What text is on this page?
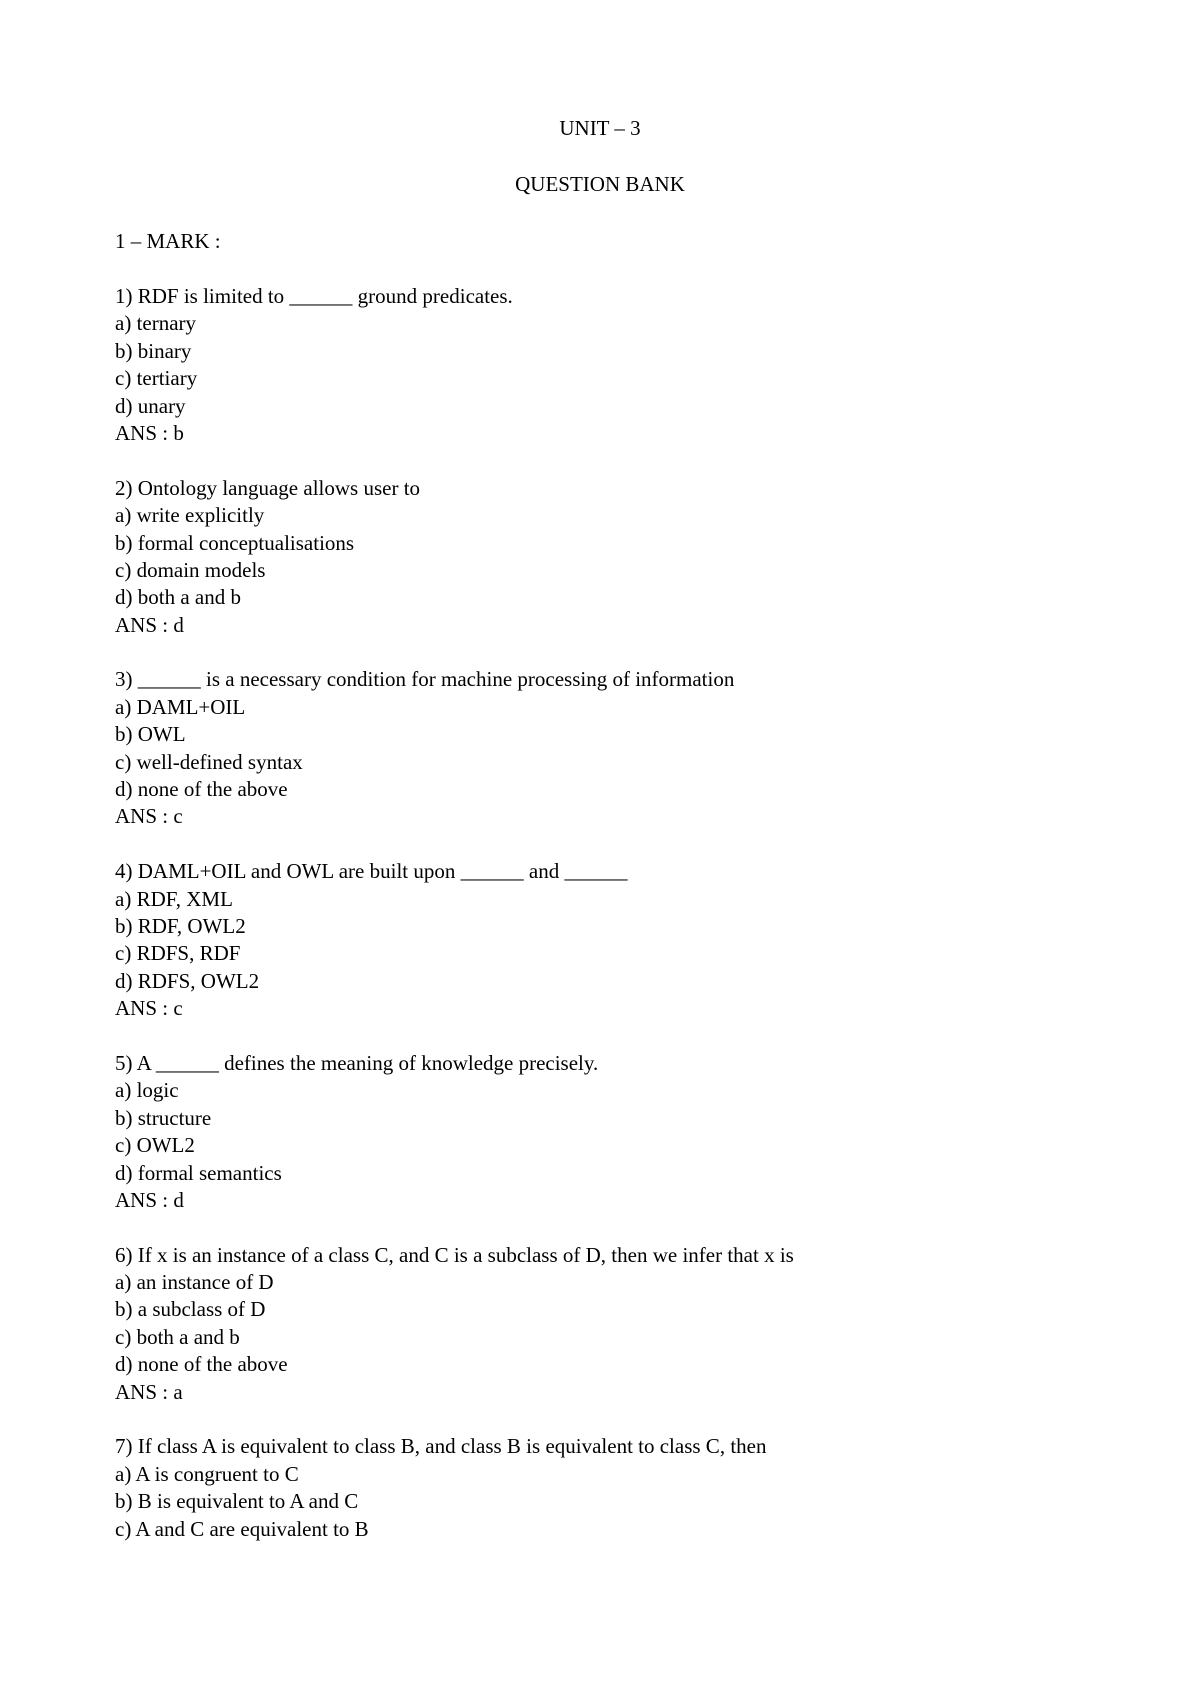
UNIT – 3
QUESTION BANK
1 – MARK :
1) RDF is limited to ______ ground predicates.
a) ternary
b) binary
c) tertiary
d) unary
ANS : b
2) Ontology language allows user to
a) write explicitly
b) formal conceptualisations
c) domain models
d) both a and b
ANS : d
3) ______ is a necessary condition for machine processing of information
a) DAML+OIL
b) OWL
c) well-defined syntax
d) none of the above
ANS : c
4) DAML+OIL and OWL are built upon ______ and ______
a) RDF, XML
b) RDF, OWL2
c) RDFS, RDF
d) RDFS, OWL2
ANS : c
5) A ______ defines the meaning of knowledge precisely.
a) logic
b) structure
c) OWL2
d) formal semantics
ANS : d
6) If x is an instance of a class C, and C is a subclass of D, then we infer that x is
a) an instance of D
b) a subclass of D
c) both a and b
d) none of the above
ANS : a
7) If class A is equivalent to class B, and class B is equivalent to class C, then
a) A is congruent to C
b) B is equivalent to A and C
c) A and C are equivalent to B
